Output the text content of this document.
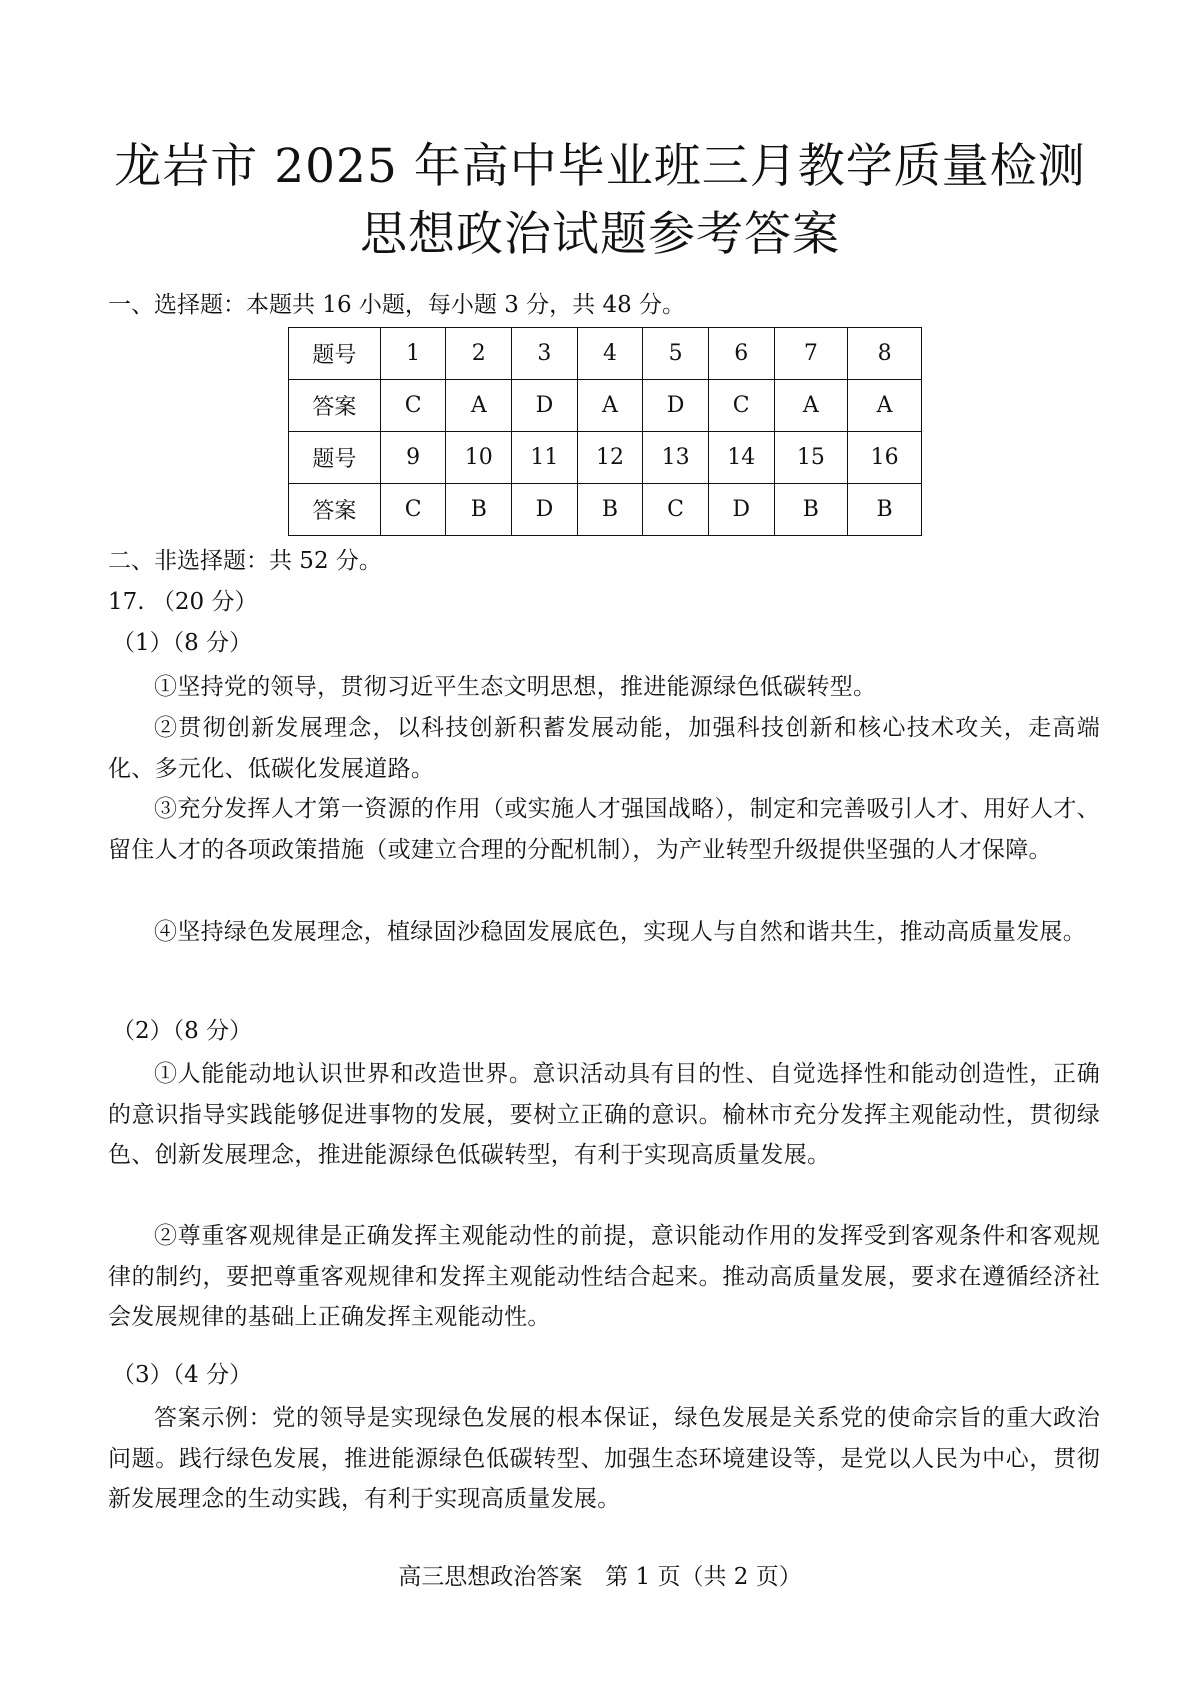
龙岩市 2025 年高中毕业班三月教学质量检测
思想政治试题参考答案
一、选择题：本题共 16 小题，每小题 3 分，共 48 分。
题号	1	2	3	4	5	6	7	8
答案	C	A	D	A	D	C	A	A
题号	9	10	11	12	13	14	15	16
答案	C	B	D	B	C	D	B	B
二、非选择题：共 52 分。
17. （20 分）
（1）（8 分）
①坚持党的领导，贯彻习近平生态文明思想，推进能源绿色低碳转型。
②贯彻创新发展理念，以科技创新积蓄发展动能，加强科技创新和核心技术攻关，走高端化、多元化、低碳化发展道路。
③充分发挥人才第一资源的作用（或实施人才强国战略），制定和完善吸引人才、用好人才、留住人才的各项政策措施（或建立合理的分配机制），为产业转型升级提供坚强的人才保障。
④坚持绿色发展理念，植绿固沙稳固发展底色，实现人与自然和谐共生，推动高质量发展。
（2）（8 分）
①人能能动地认识世界和改造世界。意识活动具有目的性、自觉选择性和能动创造性，正确的意识指导实践能够促进事物的发展，要树立正确的意识。榆林市充分发挥主观能动性，贯彻绿色、创新发展理念，推进能源绿色低碳转型，有利于实现高质量发展。
②尊重客观规律是正确发挥主观能动性的前提，意识能动作用的发挥受到客观条件和客观规律的制约，要把尊重客观规律和发挥主观能动性结合起来。推动高质量发展，要求在遵循经济社会发展规律的基础上正确发挥主观能动性。
（3）（4 分）
答案示例：党的领导是实现绿色发展的根本保证，绿色发展是关系党的使命宗旨的重大政治问题。践行绿色发展，推进能源绿色低碳转型、加强生态环境建设等，是党以人民为中心，贯彻新发展理念的生动实践，有利于实现高质量发展。
高三思想政治答案　第 1 页（共 2 页）
